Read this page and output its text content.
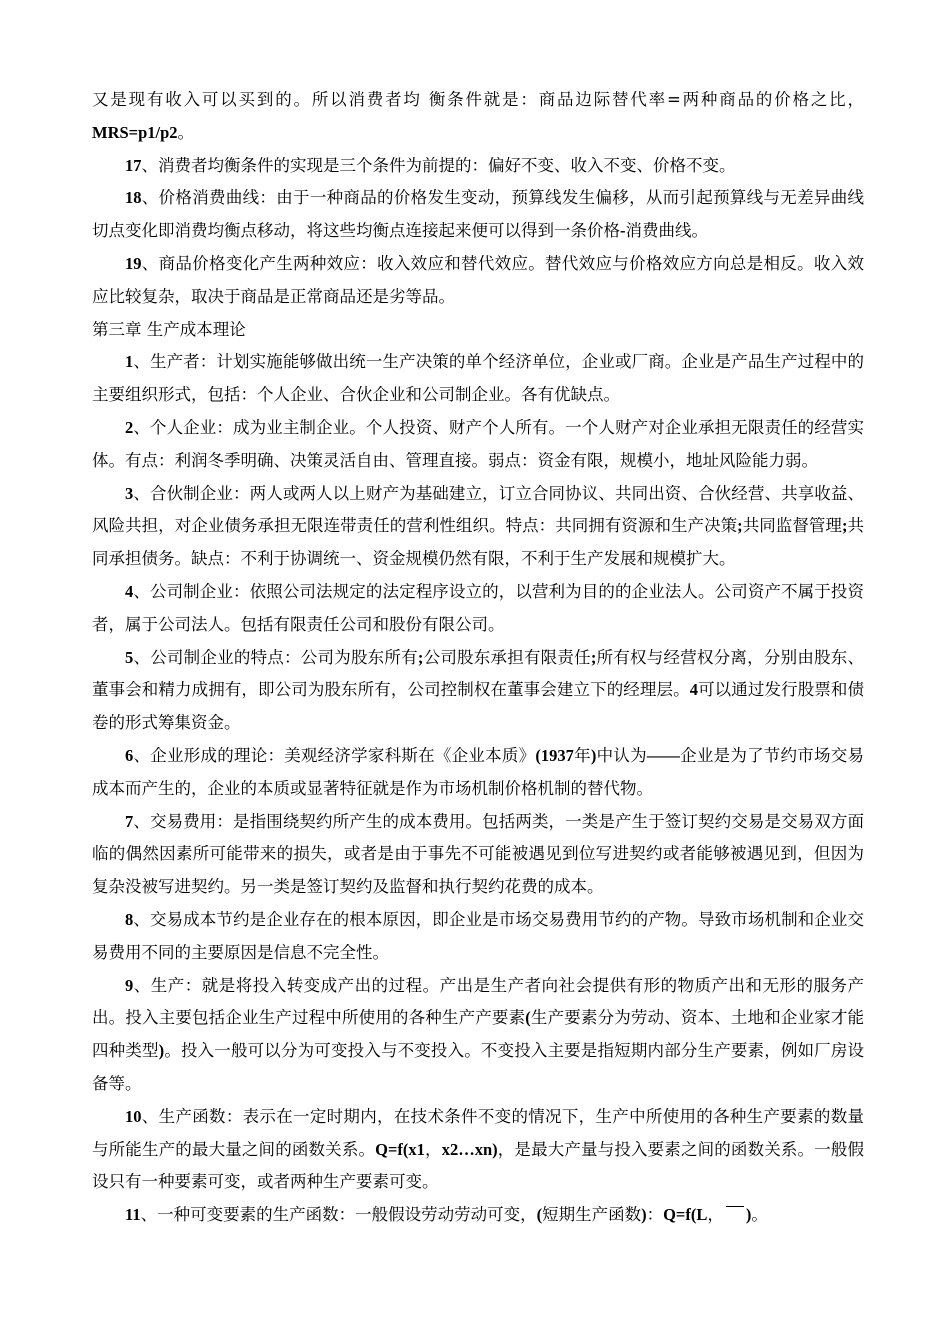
又是现有收入可以买到的。所以消费者均 衡条件就是：商品边际替代率=两种商品的价格之比，MRS=p1/p2。

17、消费者均衡条件的实现是三个条件为前提的：偏好不变、收入不变、价格不变。

18、价格消费曲线：由于一种商品的价格发生变动，预算线发生偏移，从而引起预算线与无差异曲线切点变化即消费均衡点移动，将这些均衡点连接起来便可以得到一条价格-消费曲线。

19、商品价格变化产生两种效应：收入效应和替代效应。替代效应与价格效应方向总是相反。收入效应比较复杂，取决于商品是正常商品还是劣等品。

第三章 生产成本理论

1、生产者：计划实施能够做出统一生产决策的单个经济单位，企业或厂商。企业是产品生产过程中的主要组织形式，包括：个人企业、合伙企业和公司制企业。各有优缺点。

2、个人企业：成为业主制企业。个人投资、财产个人所有。一个人财产对企业承担无限责任的经营实体。有点：利润冬季明确、决策灵活自由、管理直接。弱点：资金有限，规模小，地址风险能力弱。

3、合伙制企业：两人或两人以上财产为基础建立，订立合同协议、共同出资、合伙经营、共享收益、风险共担，对企业债务承担无限连带责任的营利性组织。特点：共同拥有资源和生产决策;共同监督管理;共同承担债务。缺点：不利于协调统一、资金规模仍然有限，不利于生产发展和规模扩大。

4、公司制企业：依照公司法规定的法定程序设立的，以营利为目的的企业法人。公司资产不属于投资者，属于公司法人。包括有限责任公司和股份有限公司。

5、公司制企业的特点：公司为股东所有;公司股东承担有限责任;所有权与经营权分离，分别由股东、董事会和精力成拥有，即公司为股东所有，公司控制权在董事会建立下的经理层。4可以通过发行股票和债卷的形式筹集资金。

6、企业形成的理论：美观经济学家科斯在《企业本质》(1937年)中认为——企业是为了节约市场交易成本而产生的，企业的本质或显著特征就是作为市场机制价格机制的替代物。

7、交易费用：是指围绕契约所产生的成本费用。包括两类，一类是产生于签订契约交易是交易双方面临的偶然因素所可能带来的损失，或者是由于事先不可能被遇见到位写进契约或者能够被遇见到，但因为复杂没被写进契约。另一类是签订契约及监督和执行契约花费的成本。

8、交易成本节约是企业存在的根本原因，即企业是市场交易费用节约的产物。导致市场机制和企业交易费用不同的主要原因是信息不完全性。

9、生产：就是将投入转变成产出的过程。产出是生产者向社会提供有形的物质产出和无形的服务产出。投入主要包括企业生产过程中所使用的各种生产产要素(生产要素分为劳动、资本、土地和企业家才能四种类型)。投入一般可以分为可变投入与不变投入。不变投入主要是指短期内部分生产要素，例如厂房设备等。

10、生产函数：表示在一定时期内，在技术条件不变的情况下，生产中所使用的各种生产要素的数量与所能生产的最大量之间的函数关系。Q=f(x1，x2…xn)，是最大产量与投入要素之间的函数关系。一般假设只有一种要素可变，或者两种生产要素可变。

11、一种可变要素的生产函数：一般假设劳动劳动可变，(短期生产函数)：Q=f(L， )。
